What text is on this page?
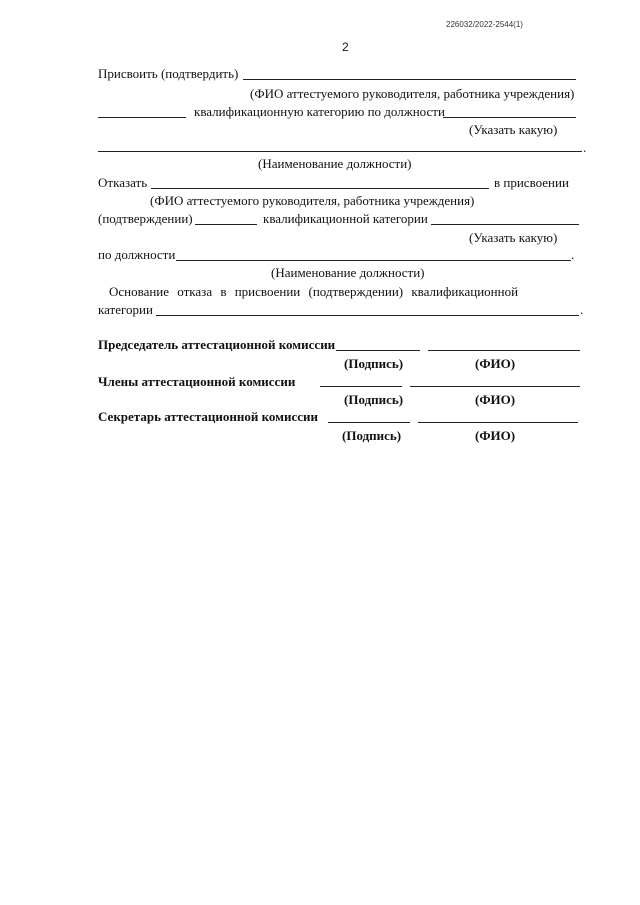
226032/2022-2544(1)
2
Присвоить (подтвердить)
(ФИО аттестуемого руководителя, работника учреждения)
квалификационную категорию по должности
(Указать какую)
.
(Наименование должности)
Отказать	в присвоении
(ФИО аттестуемого руководителя, работника учреждения)
(подтверждении)	квалификационной категории
(Указать какую)
по должности	.
(Наименование должности)
Основание отказа в присвоении (подтверждении) квалификационной
категории	.
Председатель аттестационной комиссии
(Подпись)	(ФИО)
Члены аттестационной комиссии
(Подпись)	(ФИО)
Секретарь аттестационной комиссии
(Подпись)	(ФИО)
